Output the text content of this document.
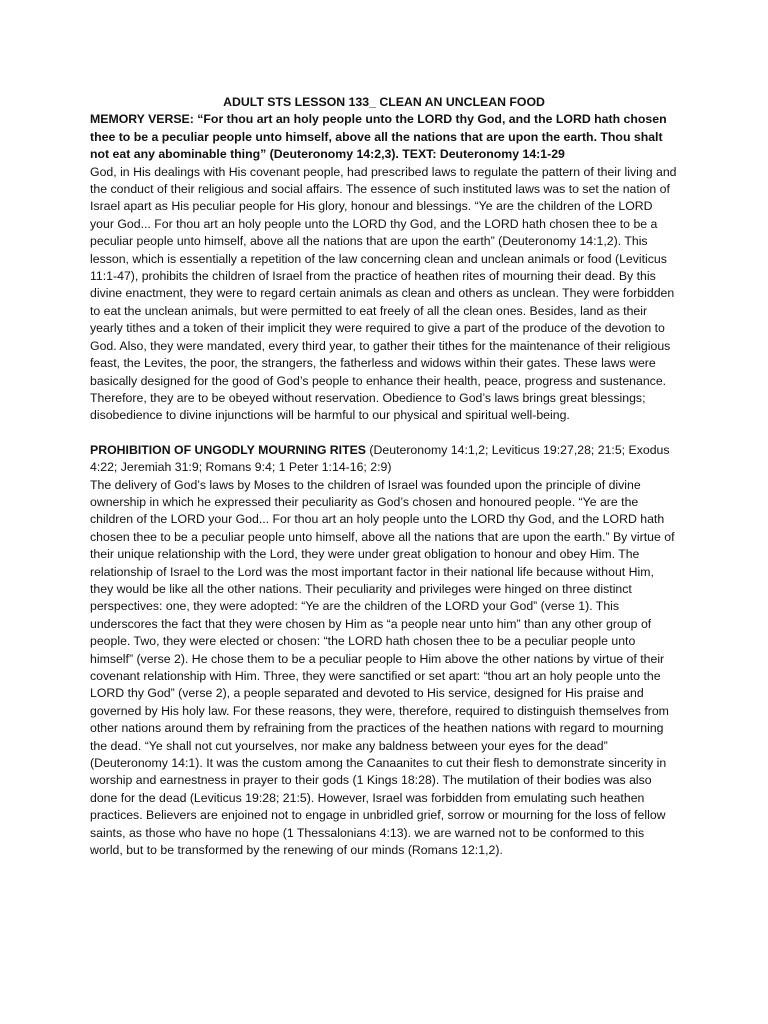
ADULT STS LESSON 133_ CLEAN AN UNCLEAN FOOD

MEMORY VERSE: “For thou art an holy people unto the LORD thy God, and the LORD hath chosen thee to be a peculiar people unto himself, above all the nations that are upon the earth. Thou shalt not eat any abominable thing” (Deuteronomy 14:2,3). TEXT: Deuteronomy 14:1-29

God, in His dealings with His covenant people, had prescribed laws to regulate the pattern of their living and the conduct of their religious and social affairs. The essence of such instituted laws was to set the nation of Israel apart as His peculiar people for His glory, honour and blessings. “Ye are the children of the LORD your God... For thou art an holy people unto the LORD thy God, and the LORD hath chosen thee to be a peculiar people unto himself, above all the nations that are upon the earth” (Deuteronomy 14:1,2). This lesson, which is essentially a repetition of the law concerning clean and unclean animals or food (Leviticus 11:1-47), prohibits the children of Israel from the practice of heathen rites of mourning their dead. By this divine enactment, they were to regard certain animals as clean and others as unclean. They were forbidden to eat the unclean animals, but were permitted to eat freely of all the clean ones. Besides, land as their yearly tithes and a token of their implicit they were required to give a part of the produce of the devotion to God. Also, they were mandated, every third year, to gather their tithes for the maintenance of their religious feast, the Levites, the poor, the strangers, the fatherless and widows within their gates. These laws were basically designed for the good of God’s people to enhance their health, peace, progress and sustenance. Therefore, they are to be obeyed without reservation. Obedience to God’s laws brings great blessings; disobedience to divine injunctions will be harmful to our physical and spiritual well-being.

PROHIBITION OF UNGODLY MOURNING RITES (Deuteronomy 14:1,2; Leviticus 19:27,28; 21:5; Exodus 4:22; Jeremiah 31:9; Romans 9:4; 1 Peter 1:14-16; 2:9)

The delivery of God’s laws by Moses to the children of Israel was founded upon the principle of divine ownership in which he expressed their peculiarity as God’s chosen and honoured people. “Ye are the children of the LORD your God... For thou art an holy people unto the LORD thy God, and the LORD hath chosen thee to be a peculiar people unto himself, above all the nations that are upon the earth.” By virtue of their unique relationship with the Lord, they were under great obligation to honour and obey Him. The relationship of Israel to the Lord was the most important factor in their national life because without Him, they would be like all the other nations. Their peculiarity and privileges were hinged on three distinct perspectives: one, they were adopted: “Ye are the children of the LORD your God” (verse 1). This underscores the fact that they were chosen by Him as “a people near unto him” than any other group of people. Two, they were elected or chosen: “the LORD hath chosen thee to be a peculiar people unto himself” (verse 2). He chose them to be a peculiar people to Him above the other nations by virtue of their covenant relationship with Him. Three, they were sanctified or set apart: “thou art an holy people unto the LORD thy God” (verse 2), a people separated and devoted to His service, designed for His praise and governed by His holy law. For these reasons, they were, therefore, required to distinguish themselves from other nations around them by refraining from the practices of the heathen nations with regard to mourning the dead. “Ye shall not cut yourselves, nor make any baldness between your eyes for the dead” (Deuteronomy 14:1). It was the custom among the Canaanites to cut their flesh to demonstrate sincerity in worship and earnestness in prayer to their gods (1 Kings 18:28). The mutilation of their bodies was also done for the dead (Leviticus 19:28; 21:5). However, Israel was forbidden from emulating such heathen practices. Believers are enjoined not to engage in unbridled grief, sorrow or mourning for the loss of fellow saints, as those who have no hope (1 Thessalonians 4:13). we are warned not to be conformed to this world, but to be transformed by the renewing of our minds (Romans 12:1,2).
